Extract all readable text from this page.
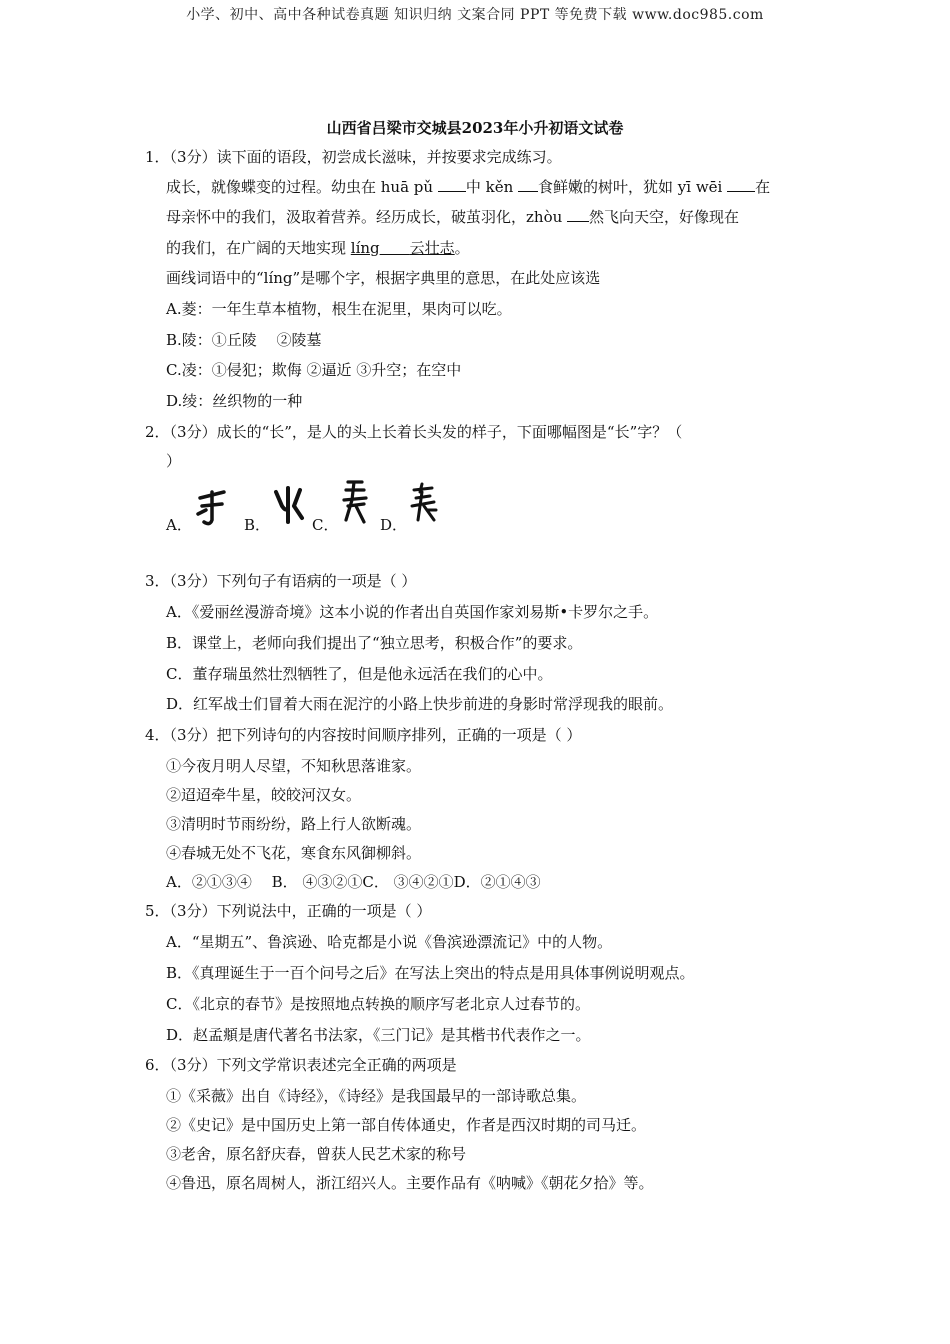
小学、初中、高中各种试卷真题 知识归纳 文案合同 PPT 等免费下载 www.doc985.com
山西省吕梁市交城县2023年小升初语文试卷
1．（3分）读下面的语段，初尝成长滋味，并按要求完成练习。
成长，就像蝶变的过程。幼虫在 huā pǔ 中 kěn 食鲜嫩的树叶，犹如 yī wēi 在
母亲怀中的我们，汲取着营养。经历成长，破茧羽化，zhòu 然飞向天空，好像现在
的我们，在广阔的天地实现 líng　　 云壮志。
画线词语中的“líng”是哪个字，根据字典里的意思，在此处应该选
A.菱：一年生草本植物，根生在泥里，果肉可以吃。
B.陵：①丘陵　 ②陵墓
C.凌：①侵犯；欺侮 ②逼近 ③升空；在空中
D.绫：丝织物的一种
2．（3分）成长的“长”，是人的头上长着长头发的样子，下面哪幅图是“长”字？（
）
A．	B．	C．	D．
3．（3分）下列句子有语病的一项是（ ）
A．《爱丽丝漫游奇境》这本小说的作者出自英国作家刘易斯•卡罗尔之手。
B．课堂上，老师向我们提出了“独立思考，积极合作”的要求。
C．董存瑞虽然壮烈牺牲了，但是他永远活在我们的心中。
D．红军战士们冒着大雨在泥泞的小路上快步前进的身影时常浮现我的眼前。
4．（3分）把下列诗句的内容按时间顺序排列，正确的一项是（ ）
①今夜月明人尽望，不知秋思落谁家。
②迢迢牵牛星，皎皎河汉女。
③清明时节雨纷纷，路上行人欲断魂。
④春城无处不飞花，寒食东风御柳斜。
A．②①③④　 B． ④③②①C． ③④②①D．②①④③
5．（3分）下列说法中，正确的一项是（ ）
A．“星期五”、鲁滨逊、哈克都是小说《鲁滨逊漂流记》中的人物。
B．《真理诞生于一百个问号之后》在写法上突出的特点是用具体事例说明观点。
C．《北京的春节》是按照地点转换的顺序写老北京人过春节的。
D．赵孟頫是唐代著名书法家，《三门记》是其楷书代表作之一。
6．（3分）下列文学常识表述完全正确的两项是
①《采薇》出自《诗经》，《诗经》是我国最早的一部诗歌总集。
②《史记》是中国历史上第一部自传体通史，作者是西汉时期的司马迁。
③老舍，原名舒庆春，曾获人民艺术家的称号
④鲁迅，原名周树人，浙江绍兴人。主要作品有《呐喊》《朝花夕拾》等。
